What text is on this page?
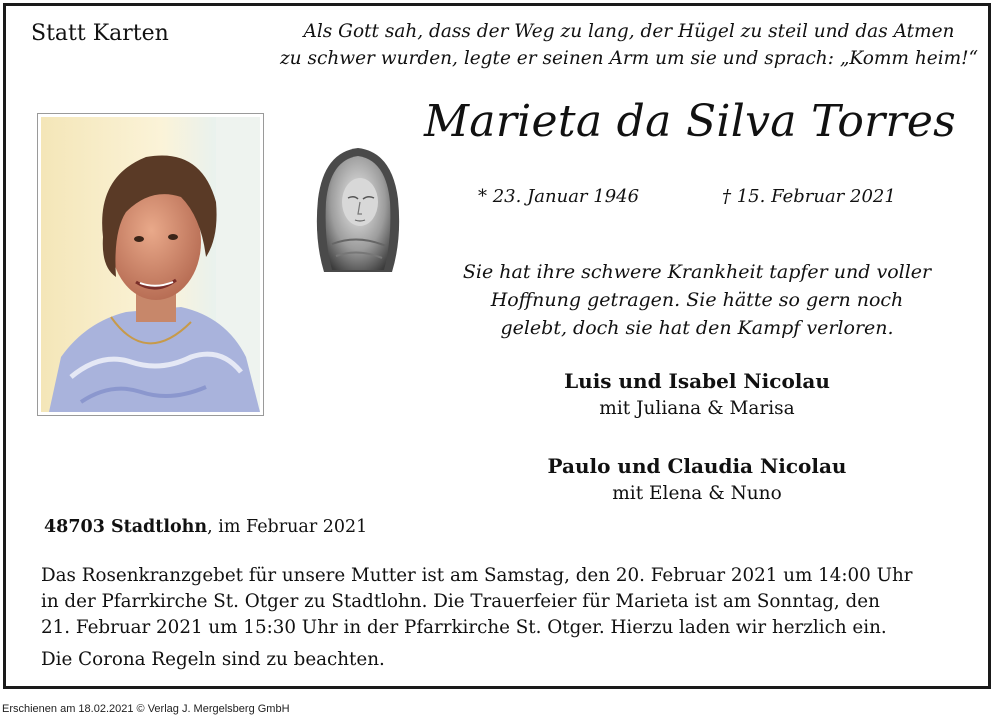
Statt Karten	Als Gott sah, dass der Weg zu lang, der Hügel zu steil und das Atmen
zu schwer wurden, legte er seinen Arm um sie und sprach: „Komm heim!“
Marieta da Silva Torres
* 23. Januar 1946	† 15. Februar 2021
Sie hat ihre schwere Krankheit tapfer und voller
Hoffnung getragen. Sie hätte so gern noch
gelebt, doch sie hat den Kampf verloren.
Luis und Isabel Nicolau
mit Juliana & Marisa
Paulo und Claudia Nicolau
mit Elena & Nuno
48703 Stadtlohn, im Februar 2021
Das Rosenkranzgebet für unsere Mutter ist am Samstag, den 20. Februar 2021 um 14:00 Uhr
in der Pfarrkirche St. Otger zu Stadtlohn. Die Trauerfeier für Marieta ist am Sonntag, den
21. Februar 2021 um 15:30 Uhr in der Pfarrkirche St. Otger. Hierzu laden wir herzlich ein.
Die Corona Regeln sind zu beachten.
Erschienen am 18.02.2021 © Verlag J. Mergelsberg GmbH
